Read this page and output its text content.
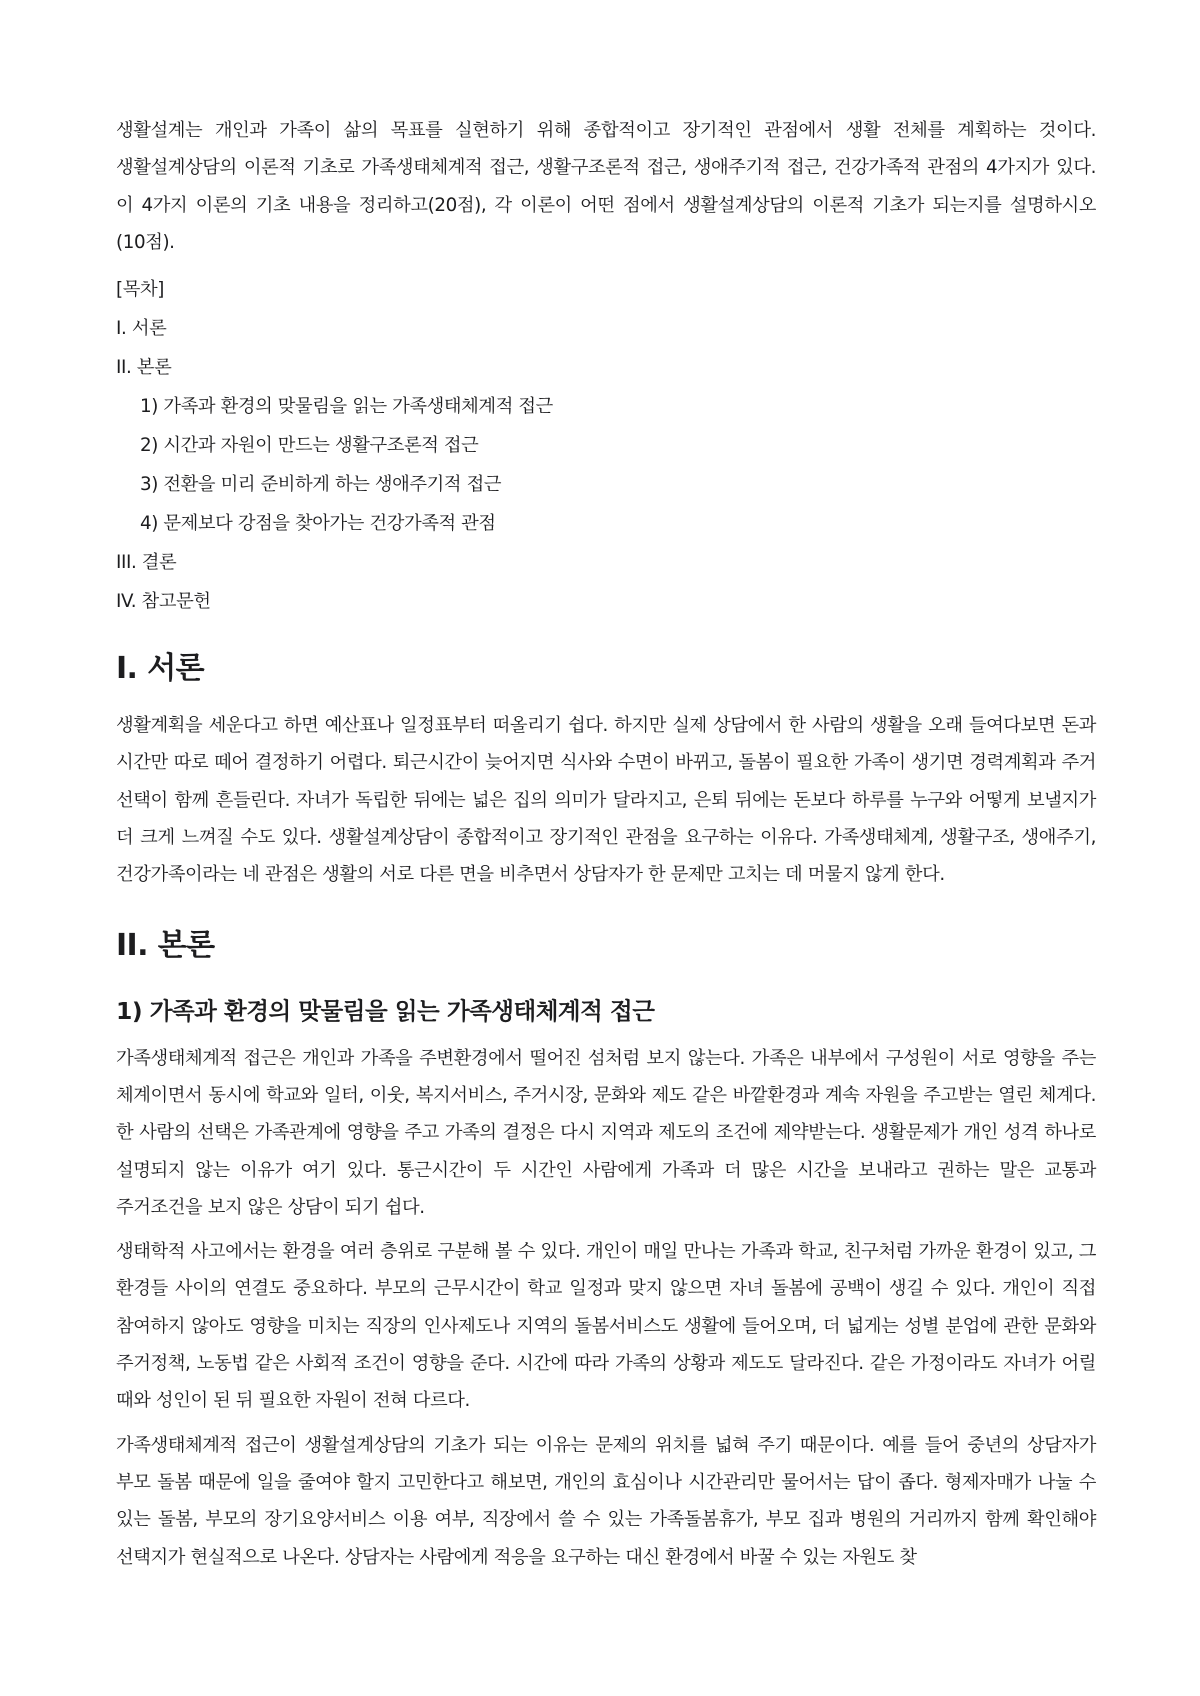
생활설계는 개인과 가족이 삶의 목표를 실현하기 위해 종합적이고 장기적인 관점에서 생활 전체를 계획하는 것이다. 생활설계상담의 이론적 기초로 가족생태체계적 접근, 생활구조론적 접근, 생애주기적 접근, 건강가족적 관점의 4가지가 있다. 이 4가지 이론의 기초 내용을 정리하고(20점), 각 이론이 어떤 점에서 생활설계상담의 이론적 기초가 되는지를 설명하시오(10점).

[목차]
I. 서론
II. 본론
1) 가족과 환경의 맞물림을 읽는 가족생태체계적 접근
2) 시간과 자원이 만드는 생활구조론적 접근
3) 전환을 미리 준비하게 하는 생애주기적 접근
4) 문제보다 강점을 찾아가는 건강가족적 관점
III. 결론
IV. 참고문헌
I. 서론

생활계획을 세운다고 하면 예산표나 일정표부터 떠올리기 쉽다. 하지만 실제 상담에서 한 사람의 생활을 오래 들여다보면 돈과 시간만 따로 떼어 결정하기 어렵다. 퇴근시간이 늦어지면 식사와 수면이 바뀌고, 돌봄이 필요한 가족이 생기면 경력계획과 주거 선택이 함께 흔들린다. 자녀가 독립한 뒤에는 넓은 집의 의미가 달라지고, 은퇴 뒤에는 돈보다 하루를 누구와 어떻게 보낼지가 더 크게 느껴질 수도 있다. 생활설계상담이 종합적이고 장기적인 관점을 요구하는 이유다. 가족생태체계, 생활구조, 생애주기, 건강가족이라는 네 관점은 생활의 서로 다른 면을 비추면서 상담자가 한 문제만 고치는 데 머물지 않게 한다.

II. 본론
1) 가족과 환경의 맞물림을 읽는 가족생태체계적 접근

가족생태체계적 접근은 개인과 가족을 주변환경에서 떨어진 섬처럼 보지 않는다. 가족은 내부에서 구성원이 서로 영향을 주는 체계이면서 동시에 학교와 일터, 이웃, 복지서비스, 주거시장, 문화와 제도 같은 바깥환경과 계속 자원을 주고받는 열린 체계다. 한 사람의 선택은 가족관계에 영향을 주고 가족의 결정은 다시 지역과 제도의 조건에 제약받는다. 생활문제가 개인 성격 하나로 설명되지 않는 이유가 여기 있다. 통근시간이 두 시간인 사람에게 가족과 더 많은 시간을 보내라고 권하는 말은 교통과 주거조건을 보지 않은 상담이 되기 쉽다.

생태학적 사고에서는 환경을 여러 층위로 구분해 볼 수 있다. 개인이 매일 만나는 가족과 학교, 친구처럼 가까운 환경이 있고, 그 환경들 사이의 연결도 중요하다. 부모의 근무시간이 학교 일정과 맞지 않으면 자녀 돌봄에 공백이 생길 수 있다. 개인이 직접 참여하지 않아도 영향을 미치는 직장의 인사제도나 지역의 돌봄서비스도 생활에 들어오며, 더 넓게는 성별 분업에 관한 문화와 주거정책, 노동법 같은 사회적 조건이 영향을 준다. 시간에 따라 가족의 상황과 제도도 달라진다. 같은 가정이라도 자녀가 어릴 때와 성인이 된 뒤 필요한 자원이 전혀 다르다.

가족생태체계적 접근이 생활설계상담의 기초가 되는 이유는 문제의 위치를 넓혀 주기 때문이다. 예를 들어 중년의 상담자가 부모 돌봄 때문에 일을 줄여야 할지 고민한다고 해보면, 개인의 효심이나 시간관리만 물어서는 답이 좁다. 형제자매가 나눌 수 있는 돌봄, 부모의 장기요양서비스 이용 여부, 직장에서 쓸 수 있는 가족돌봄휴가, 부모 집과 병원의 거리까지 함께 확인해야 선택지가 현실적으로 나온다. 상담자는 사람에게 적응을 요구하는 대신 환경에서 바꿀 수 있는 자원도 찾
